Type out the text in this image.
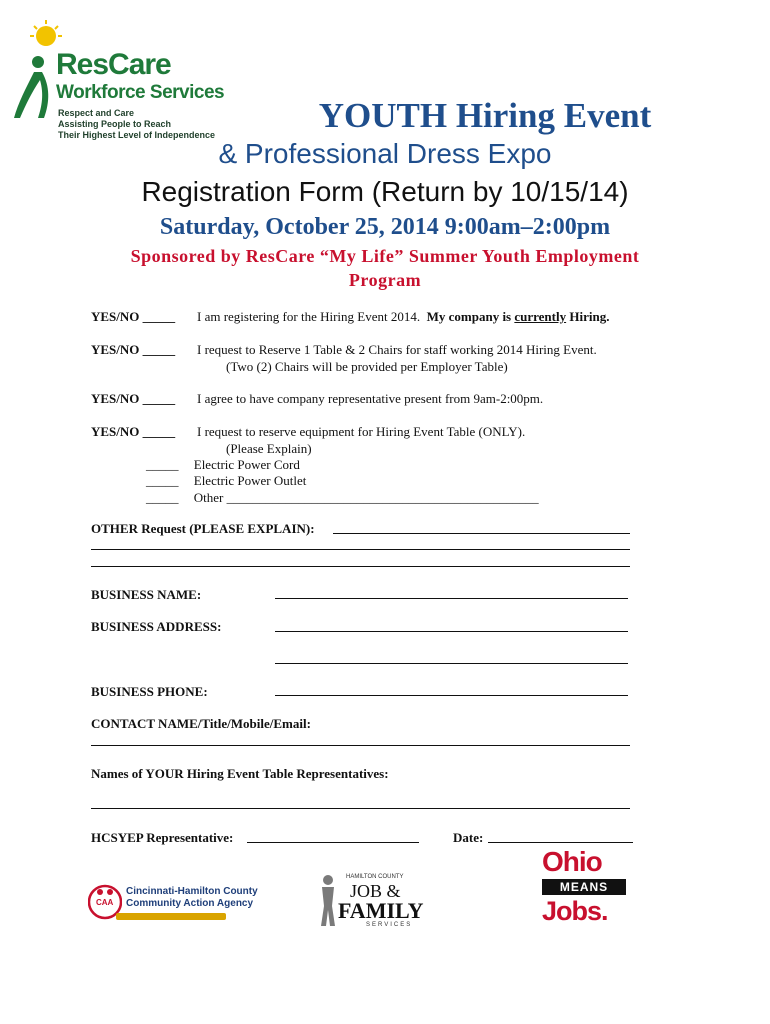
ResCare
Workforce Services
Respect and Care
Assisting People to Reach
Their Highest Level of Independence	YOUTH Hiring Event
& Professional Dress Expo
Registration Form (Return by 10/15/14)
Saturday, October 25, 2014 9:00am–2:00pm
Sponsored by ResCare “My Life” Summer Youth Employment
Program
YES/NO _____ I am registering for the Hiring Event 2014.  My company is currently Hiring.
YES/NO _____ I request to Reserve 1 Table & 2 Chairs for staff working 2014 Hiring Event.
(Two (2) Chairs will be provided per Employer Table)
YES/NO _____ I agree to have company representative present from 9am-2:00pm.
YES/NO _____ I request to reserve equipment for Hiring Event Table (ONLY).
(Please Explain)
_____ Electric Power Cord
_____ Electric Power Outlet
_____ Other ________________________________________________
OTHER Request (PLEASE EXPLAIN):
BUSINESS NAME:
BUSINESS ADDRESS:
BUSINESS PHONE:
CONTACT NAME/Title/Mobile/Email:
Names of YOUR Hiring Event Table Representatives:
HCSYEP Representative:	Date:
CAA
Cincinnati-Hamilton County
Community Action Agency
HAMILTON COUNTY
JOB &
FAMILY
SERVICES
Ohio
MEANS
Jobs.
